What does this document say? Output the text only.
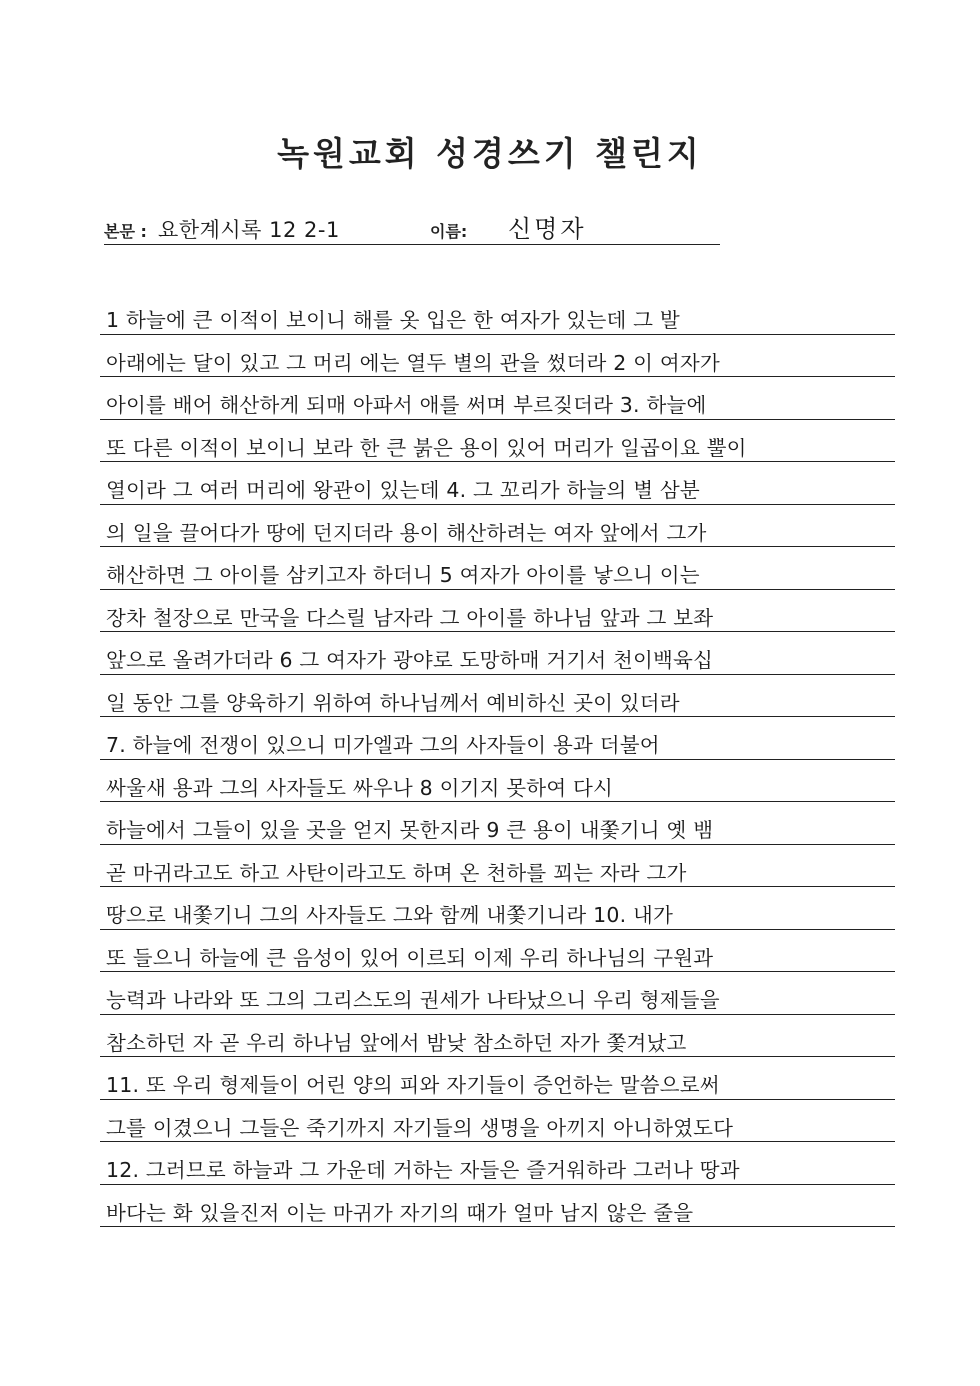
녹원교회 성경쓰기 챌린지
본문 : 요한계시록 12 2-1	이름: 신명자
1 하늘에 큰 이적이 보이니 해를 옷 입은 한 여자가 있는데 그 발
아래에는 달이 있고 그 머리 에는 열두 별의 관을 썼더라 2 이 여자가
아이를 배어 해산하게 되매 아파서 애를 써며 부르짖더라 3. 하늘에
또 다른 이적이 보이니 보라 한 큰 붉은 용이 있어 머리가 일곱이요 뿔이
열이라 그 여러 머리에 왕관이 있는데 4. 그 꼬리가 하늘의 별 삼분
의 일을 끌어다가 땅에 던지더라 용이 해산하려는 여자 앞에서 그가
해산하면 그 아이를 삼키고자 하더니 5 여자가 아이를 낳으니 이는
장차 철장으로 만국을 다스릴 남자라 그 아이를 하나님 앞과 그 보좌
앞으로 올려가더라 6 그 여자가 광야로 도망하매 거기서 천이백육십
일 동안 그를 양육하기 위하여 하나님께서 예비하신 곳이 있더라
7. 하늘에 전쟁이 있으니 미가엘과 그의 사자들이 용과 더불어
싸울새 용과 그의 사자들도 싸우나 8 이기지 못하여 다시
하늘에서 그들이 있을 곳을 얻지 못한지라 9 큰 용이 내쫓기니 옛 뱀
곧 마귀라고도 하고 사탄이라고도 하며 온 천하를 꾀는 자라 그가
땅으로 내쫓기니 그의 사자들도 그와 함께 내쫓기니라 10. 내가
또 들으니 하늘에 큰 음성이 있어 이르되 이제 우리 하나님의 구원과
능력과 나라와 또 그의 그리스도의 권세가 나타났으니 우리 형제들을
참소하던 자 곧 우리 하나님 앞에서 밤낮 참소하던 자가 쫓겨났고
11. 또 우리 형제들이 어린 양의 피와 자기들이 증언하는 말씀으로써
그를 이겼으니 그들은 죽기까지 자기들의 생명을 아끼지 아니하였도다
12. 그러므로 하늘과 그 가운데 거하는 자들은 즐거워하라 그러나 땅과
바다는 화 있을진저 이는 마귀가 자기의 때가 얼마 남지 않은 줄을
